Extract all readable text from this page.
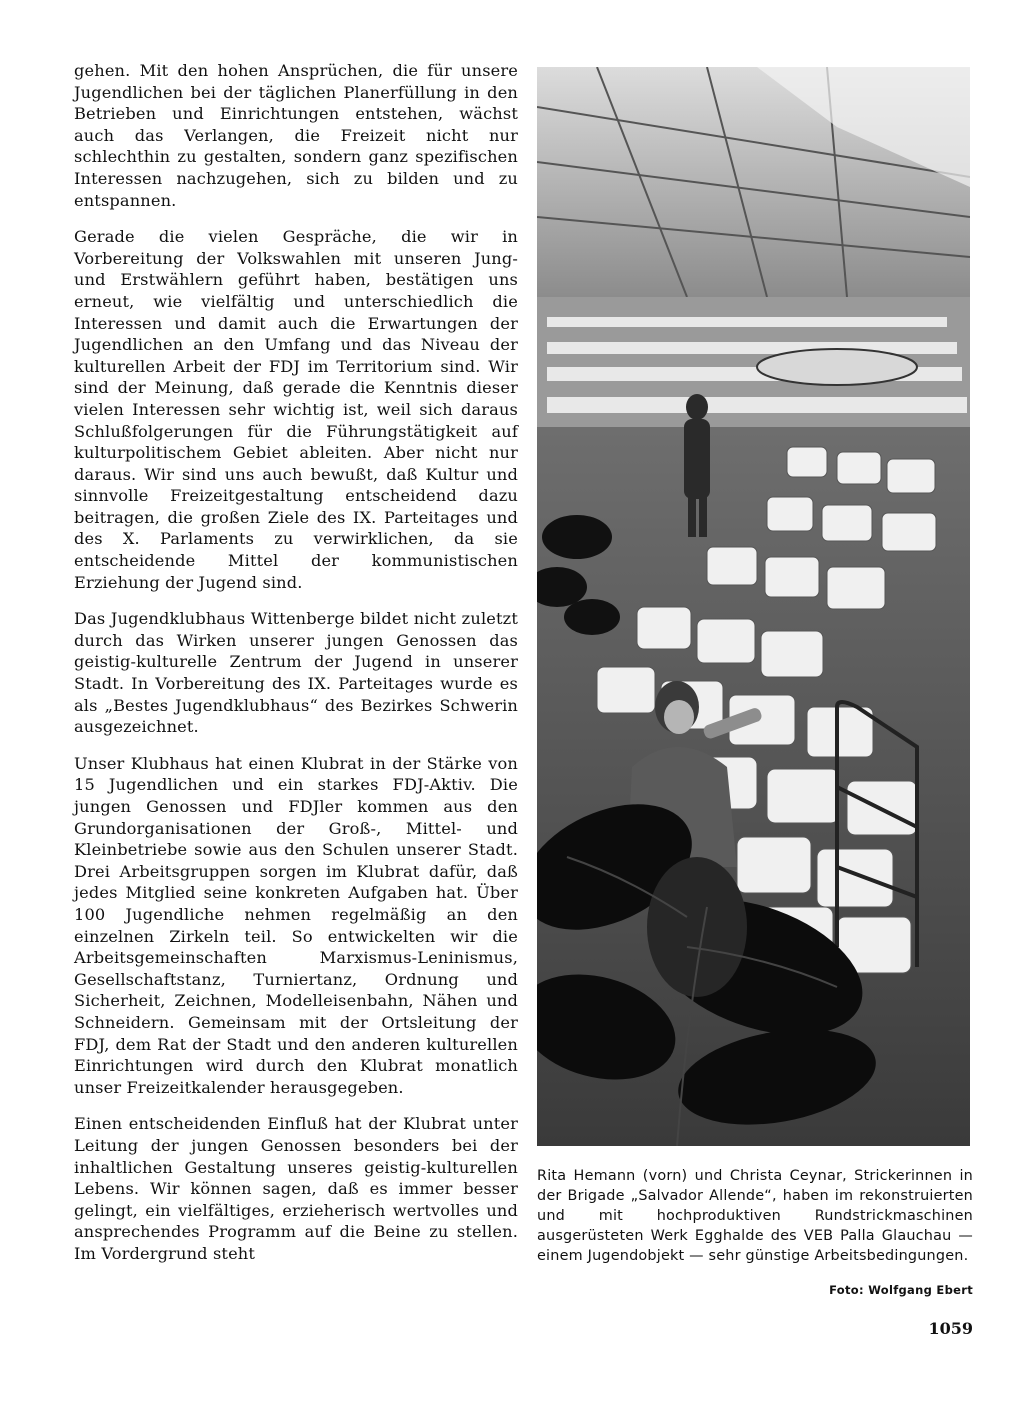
gehen. Mit den hohen Ansprüchen, die für unsere Jugendlichen bei der täglichen Planerfüllung in den Betrieben und Einrichtungen entstehen, wächst auch das Verlangen, die Freizeit nicht nur schlechthin zu gestalten, sondern ganz spezifischen Interessen nachzugehen, sich zu bilden und zu entspannen.

Gerade die vielen Gespräche, die wir in Vorbereitung der Volkswahlen mit unseren Jung- und Erstwählern geführt haben, bestätigen uns erneut, wie vielfältig und unterschiedlich die Interessen und damit auch die Erwartungen der Jugendlichen an den Umfang und das Niveau der kulturellen Arbeit der FDJ im Territorium sind. Wir sind der Meinung, daß gerade die Kenntnis dieser vielen Interessen sehr wichtig ist, weil sich daraus Schlußfolgerungen für die Führungstätigkeit auf kulturpolitischem Gebiet ableiten. Aber nicht nur daraus. Wir sind uns auch bewußt, daß Kultur und sinnvolle Freizeitgestaltung entscheidend dazu beitragen, die großen Ziele des IX. Parteitages und des X. Parlaments zu verwirklichen, da sie entscheidende Mittel der kommunistischen Erziehung der Jugend sind.

Das Jugendklubhaus Wittenberge bildet nicht zuletzt durch das Wirken unserer jungen Genossen das geistig-kulturelle Zentrum der Jugend in unserer Stadt. In Vorbereitung des IX. Parteitages wurde es als „Bestes Jugendklubhaus“ des Bezirkes Schwerin ausgezeichnet.

Unser Klubhaus hat einen Klubrat in der Stärke von 15 Jugendlichen und ein starkes FDJ-Aktiv. Die jungen Genossen und FDJler kommen aus den Grundorganisationen der Groß-, Mittel- und Kleinbetriebe sowie aus den Schulen unserer Stadt. Drei Arbeitsgruppen sorgen im Klubrat dafür, daß jedes Mitglied seine konkreten Aufgaben hat. Über 100 Jugendliche nehmen regelmäßig an den einzelnen Zirkeln teil. So entwickelten wir die Arbeitsgemeinschaften Marxismus-Leninismus, Gesellschaftstanz, Turniertanz, Ordnung und Sicherheit, Zeichnen, Modelleisenbahn, Nähen und Schneidern. Gemeinsam mit der Ortsleitung der FDJ, dem Rat der Stadt und den anderen kulturellen Einrichtungen wird durch den Klubrat monatlich unser Freizeitkalender herausgegeben.

Einen entscheidenden Einfluß hat der Klubrat unter Leitung der jungen Genossen besonders bei der inhaltlichen Gestaltung unseres geistig-kulturellen Lebens. Wir können sagen, daß es immer besser gelingt, ein vielfältiges, erzieherisch wertvolles und ansprechendes Programm auf die Beine zu stellen. Im Vordergrund steht

Rita Hemann (vorn) und Christa Ceynar, Strickerinnen in der Brigade „Salvador Allende“, haben im rekonstruierten und mit hochproduktiven Rundstrickmaschinen ausgerüsteten Werk Egghalde des VEB Palla Glauchau — einem Jugendobjekt — sehr günstige Arbeitsbedingungen.
Foto: Wolfgang Ebert
1059
